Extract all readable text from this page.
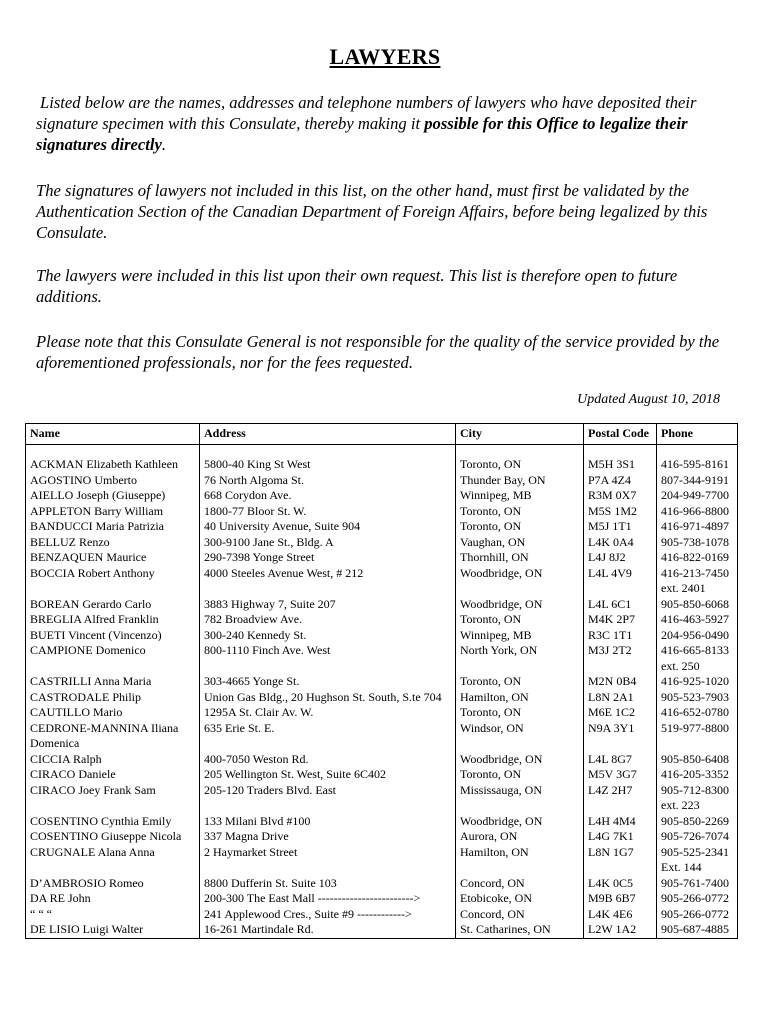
LAWYERS
Listed below are the names, addresses and telephone numbers of lawyers who have deposited their signature specimen with this Consulate, thereby making it possible for this Office to legalize their signatures directly.
The signatures of lawyers not included in this list, on the other hand, must first be validated by the Authentication Section of the Canadian Department of Foreign Affairs, before being legalized by this Consulate.
The lawyers were included in this list upon their own request. This list is therefore open to future additions.
Please note that this Consulate General is not responsible for the quality of the service provided by the aforementioned professionals, nor for the fees requested.
Updated August 10, 2018
Name	Address	City	Postal Code	Phone

ACKMAN Elizabeth Kathleen	5800-40 King St West	Toronto, ON	M5H 3S1	416-595-8161

AGOSTINO Umberto	76 North Algoma St.	Thunder Bay, ON	P7A 4Z4	807-344-9191

AIELLO Joseph (Giuseppe)	668 Corydon Ave.	Winnipeg, MB	R3M 0X7	204-949-7700

APPLETON Barry William	1800-77 Bloor St. W.	Toronto, ON	M5S 1M2	416-966-8800

BANDUCCI Maria Patrizia	40 University Avenue, Suite 904	Toronto, ON	M5J 1T1	416-971-4897

BELLUZ Renzo	300-9100 Jane St., Bldg. A	Vaughan, ON	L4K 0A4	905-738-1078

BENZAQUEN Maurice	290-7398 Yonge Street	Thornhill, ON	L4J 8J2	416-822-0169

BOCCIA Robert Anthony	4000 Steeles Avenue West, # 212	Woodbridge, ON	L4L 4V9	416-213-7450
ext. 2401

BOREAN Gerardo Carlo	3883 Highway 7, Suite 207	Woodbridge, ON	L4L 6C1	905-850-6068

BREGLIA Alfred Franklin	782 Broadview Ave.	Toronto, ON	M4K 2P7	416-463-5927

BUETI Vincent (Vincenzo)	300-240 Kennedy St.	Winnipeg, MB	R3C 1T1	204-956-0490

CAMPIONE Domenico	800-1110 Finch Ave. West	North York, ON	M3J 2T2	416-665-8133
ext. 250

CASTRILLI Anna Maria	303-4665 Yonge St.	Toronto, ON	M2N 0B4	416-925-1020

CASTRODALE Philip	Union Gas Bldg., 20 Hughson St. South, S.te 704	Hamilton, ON	L8N 2A1	905-523-7903

CAUTILLO Mario	1295A St. Clair Av. W.	Toronto, ON	M6E 1C2	416-652-0780

CEDRONE-MANNINA Iliana Domenica	635 Erie St. E.	Windsor, ON	N9A 3Y1	519-977-8800

CICCIA Ralph	400-7050 Weston Rd.	Woodbridge, ON	L4L 8G7	905-850-6408

CIRACO Daniele	205 Wellington St. West, Suite 6C402	Toronto, ON	M5V 3G7	416-205-3352

CIRACO Joey Frank Sam	205-120 Traders Blvd. East	Mississauga, ON	L4Z 2H7	905-712-8300
ext. 223

COSENTINO Cynthia Emily	133 Milani Blvd #100	Woodbridge, ON	L4H 4M4	905-850-2269

COSENTINO Giuseppe Nicola	337 Magna Drive	Aurora, ON	L4G 7K1	905-726-7074

CRUGNALE Alana Anna	2 Haymarket Street	Hamilton, ON	L8N 1G7	905-525-2341
Ext. 144

D’AMBROSIO Romeo	8800 Dufferin St. Suite 103	Concord, ON	L4K 0C5	905-761-7400

DA RE John	200-300 The East Mall ------------------------>	Etobicoke, ON	M9B 6B7	905-266-0772

“ “ “	241 Applewood Cres., Suite #9 ------------>	Concord, ON	L4K 4E6	905-266-0772

DE LISIO Luigi Walter	16-261 Martindale Rd.	St. Catharines, ON	L2W 1A2	905-687-4885
